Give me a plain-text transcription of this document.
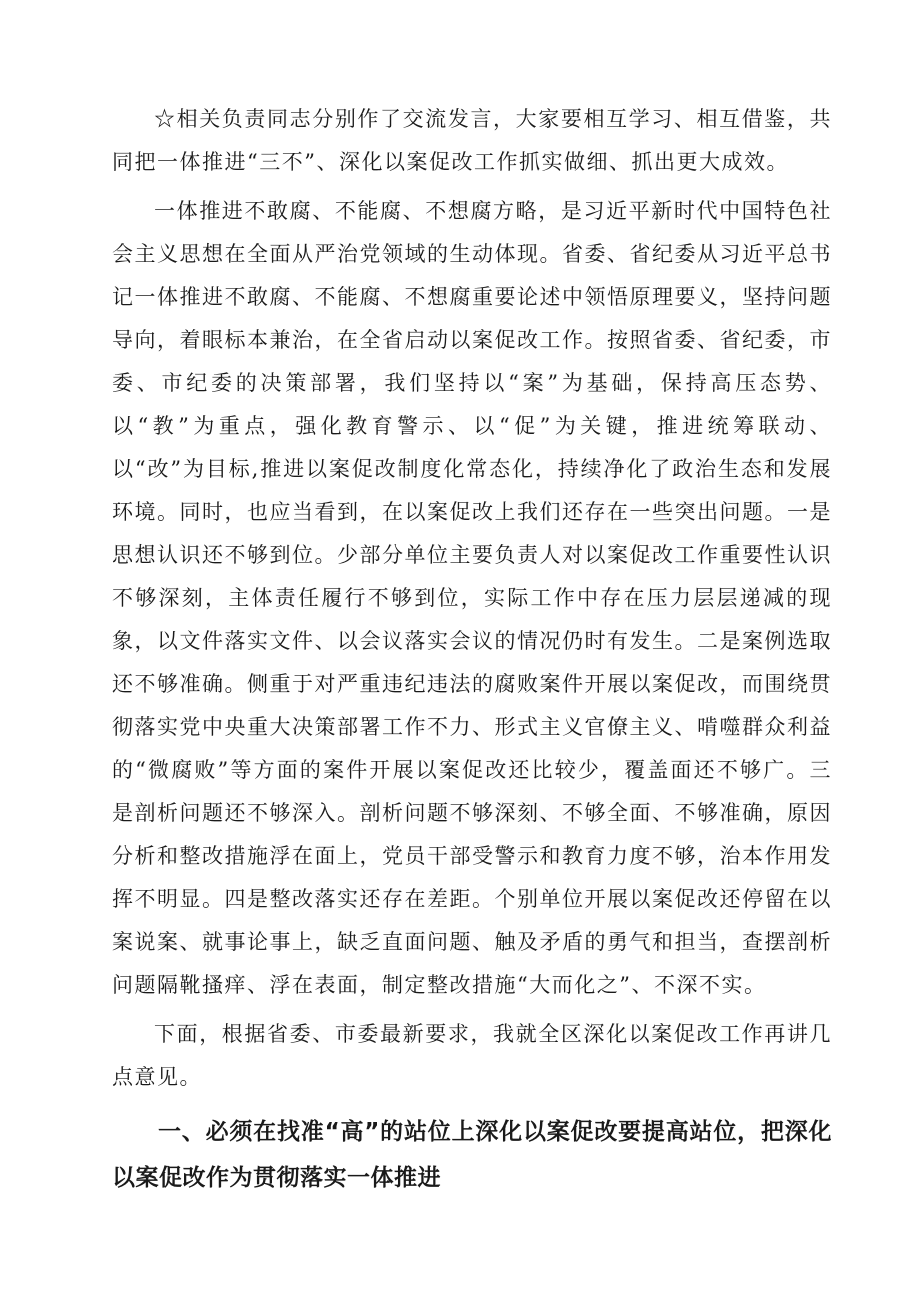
☆相关负责同志分别作了交流发言，大家要相互学习、相互借鉴，共同把一体推进“三不”、深化以案促改工作抓实做细、抓出更大成效。

一体推进不敢腐、不能腐、不想腐方略，是习近平新时代中国特色社会主义思想在全面从严治党领域的生动体现。省委、省纪委从习近平总书记一体推进不敢腐、不能腐、不想腐重要论述中领悟原理要义，坚持问题导向，着眼标本兼治，在全省启动以案促改工作。按照省委、省纪委，市委、市纪委的决策部署，我们坚持以“案”为基础，保持高压态势、以“教”为重点，强化教育警示、以“促”为关键，推进统筹联动、以“改”为目标,推进以案促改制度化常态化，持续净化了政治生态和发展环境。同时，也应当看到，在以案促改上我们还存在一些突出问题。一是思想认识还不够到位。少部分单位主要负责人对以案促改工作重要性认识不够深刻，主体责任履行不够到位，实际工作中存在压力层层递减的现象，以文件落实文件、以会议落实会议的情况仍时有发生。二是案例选取还不够准确。侧重于对严重违纪违法的腐败案件开展以案促改，而围绕贯彻落实党中央重大决策部署工作不力、形式主义官僚主义、啃噬群众利益的“微腐败”等方面的案件开展以案促改还比较少，覆盖面还不够广。三是剖析问题还不够深入。剖析问题不够深刻、不够全面、不够准确，原因分析和整改措施浮在面上，党员干部受警示和教育力度不够，治本作用发挥不明显。四是整改落实还存在差距。个别单位开展以案促改还停留在以案说案、就事论事上，缺乏直面问题、触及矛盾的勇气和担当，查摆剖析问题隔靴搔痒、浮在表面，制定整改措施“大而化之”、不深不实。

下面，根据省委、市委最新要求，我就全区深化以案促改工作再讲几点意见。

一、必须在找准“高”的站位上深化以案促改要提高站位，把深化以案促改作为贯彻落实一体推进
